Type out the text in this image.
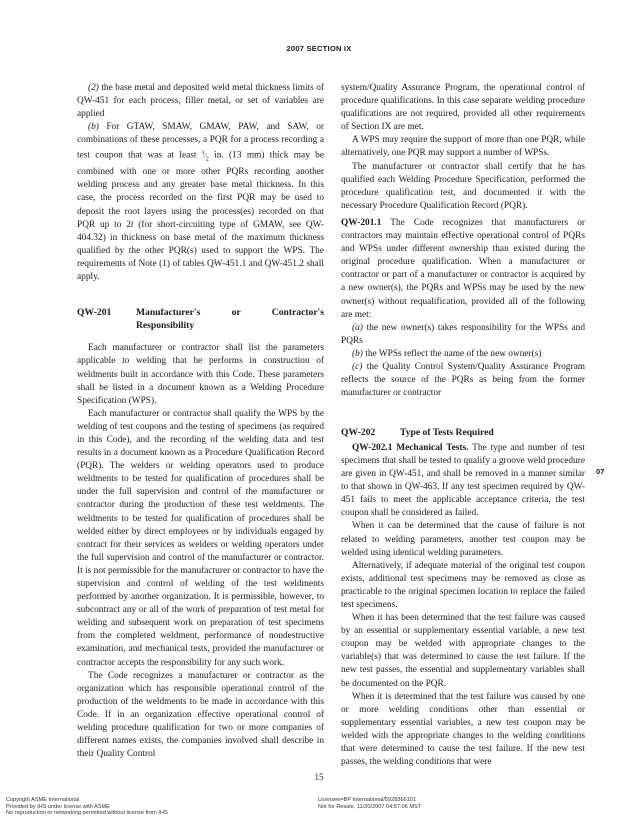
2007 SECTION IX

(2) the base metal and deposited weld metal thickness limits of QW-451 for each process, filler metal, or set of variables are applied

(b) For GTAW, SMAW, GMAW, PAW, and SAW, or combinations of these processes, a PQR for a process recording a test coupon that was at least $^1⁄_2$ in. (13 mm) thick may be combined with one or more other PQRs recording another welding process and any greater base metal thickness. In this case, the process recorded on the first PQR may be used to deposit the root layers using the process(es) recorded on that PQR up to 2t (for short-circuiting type of GMAW, see QW-404.32) in thickness on base metal of the maximum thickness qualified by the other PQR(s) used to support the WPS. The requirements of Note (1) of tables QW-451.1 and QW-451.2 shall apply.

QW-201	Manufacturer's or Contractor's Responsibility

Each manufacturer or contractor shall list the parameters applicable to welding that he performs in construction of weldments built in accordance with this Code. These parameters shall be listed in a document known as a Welding Procedure Specification (WPS).

Each manufacturer or contractor shall qualify the WPS by the welding of test coupons and the testing of specimens (as required in this Code), and the recording of the welding data and test results in a document known as a Procedure Qualification Record (PQR). The welders or welding operators used to produce weldments to be tested for qualification of procedures shall be under the full supervision and control of the manufacturer or contractor during the production of these test weldments. The weldments to be tested for qualification of procedures shall be welded either by direct employees or by individuals engaged by contract for their services as welders or welding operators under the full supervision and control of the manufacturer or contractor. It is not permissible for the manufacturer or contractor to have the supervision and control of welding of the test weldments performed by another organization. It is permissible, however, to subcontract any or all of the work of preparation of test metal for welding and subsequent work on preparation of test specimens from the completed weldment, performance of nondestructive examination, and mechanical tests, provided the manufacturer or contractor accepts the responsibility for any such work.

The Code recognizes a manufacturer or contractor as the organization which has responsible operational control of the production of the weldments to be made in accordance with this Code. If in an organization effective operational control of welding procedure qualification for two or more companies of different names exists, the companies involved shall describe in their Quality Control

system/Quality Assurance Program, the operational control of procedure qualifications. In this case separate welding procedure qualifications are not required, provided all other requirements of Section IX are met.

A WPS may require the support of more than one PQR, while alternatively, one PQR may support a number of WPSs.

The manufacturer or contractor shall certify that he has qualified each Welding Procedure Specification, performed the procedure qualification test, and documented it with the necessary Procedure Qualification Record (PQR).

QW-201.1 The Code recognizes that manufacturers or contractors may maintain effective operational control of PQRs and WPSs under different ownership than existed during the original procedure qualification. When a manufacturer or contractor or part of a manufacturer or contractor is acquired by a new owner(s), the PQRs and WPSs may be used by the new owner(s) without requalification, provided all of the following are met:

(a) the new owner(s) takes responsibility for the WPSs and PQRs

(b) the WPSs reflect the name of the new owner(s)

(c) the Quality Control System/Quality Assurance Program reflects the source of the PQRs as being from the former manufacturer or contractor

QW-202	Type of Tests Required

QW-202.1 Mechanical Tests. The type and number of test specimens that shall be tested to qualify a groove weld procedure are given in QW-451, and shall be removed in a manner similar to that shown in QW-463. If any test specimen required by QW-451 fails to meet the applicable acceptance criteria, the test coupon shall be considered as failed.

When it can be determined that the cause of failure is not related to welding parameters, another test coupon may be welded using identical welding parameters.

Alternatively, if adequate material of the original test coupon exists, additional test specimens may be removed as close as practicable to the original specimen location to replace the failed test specimens.

When it has been determined that the test failure was caused by an essential or supplementary essential variable, a new test coupon may be welded with appropriate changes to the variable(s) that was determined to cause the test failure. If the new test passes, the essential and supplementary variables shall be documented on the PQR.

When it is determined that the test failure was caused by one or more welding conditions other than essential or supplementary essential variables, a new test coupon may be welded with the appropriate changes to the welding conditions that were determined to cause the test failure. If the new test passes, the welding conditions that were

07
15
Copyright ASME International
Provided by IHS under license with ASME
No reproduction or networking permitted without license from IHS
Licensee=BP International/5928366101
Not for Resale, 11/20/2007 04:57:06 MST
